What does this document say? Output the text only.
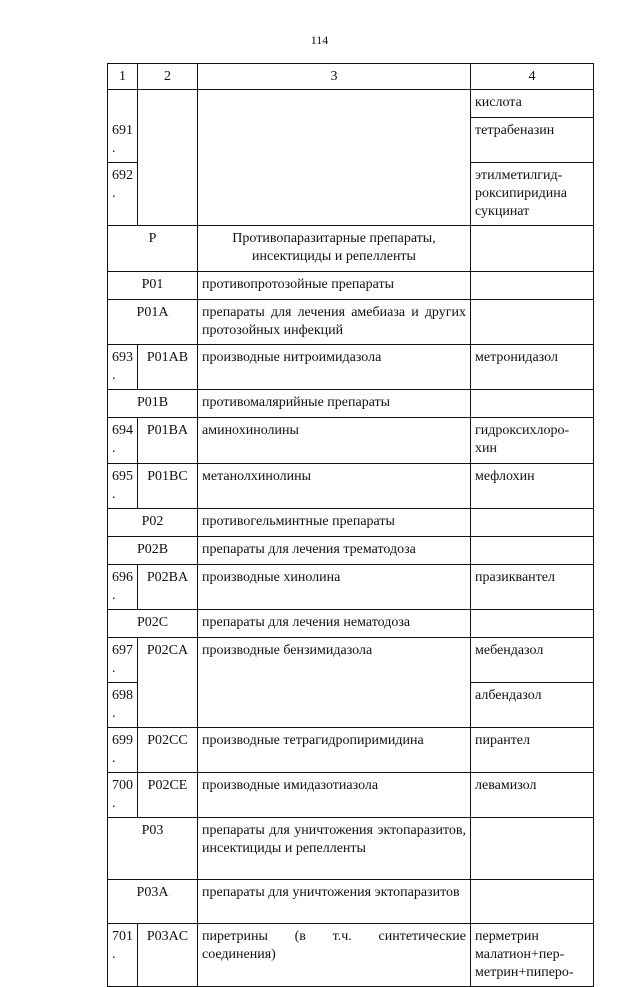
114
1	2	3	4
			кислота
691.			тетрабеназин
692.			этилметилгид-роксипиридина сукцинат
P		Противопаразитарные препараты, инсектициды и репелленты	
P01		противопротозойные препараты	
P01A		препараты для лечения амебиаза и других протозойных инфекций	
693.	P01AB	производные нитроимидазола	метронидазол
P01B		противомалярийные препараты	
694.	P01BA	аминохинолины	гидроксихлоро-хин
695.	P01BC	метанолхинолины	мефлохин
P02		противогельминтные препараты	
P02B		препараты для лечения трематодоза	
696.	P02BA	производные хинолина	празиквантел
P02C		препараты для лечения нематодоза	
697.	P02CA	производные бензимидазола	мебендазол
698.			албендазол
699.	P02CC	производные тетрагидропиримидина	пирантел
700.	P02CE	производные имидазотиазола	левамизол
P03		препараты для уничтожения эктопаразитов, инсектициды и репелленты	
P03A		препараты для уничтожения эктопаразитов	
701.	P03AC	пиретрины (в т.ч. синтетические соединения)	перметрин малатион+пер-метрин+пиперо-
